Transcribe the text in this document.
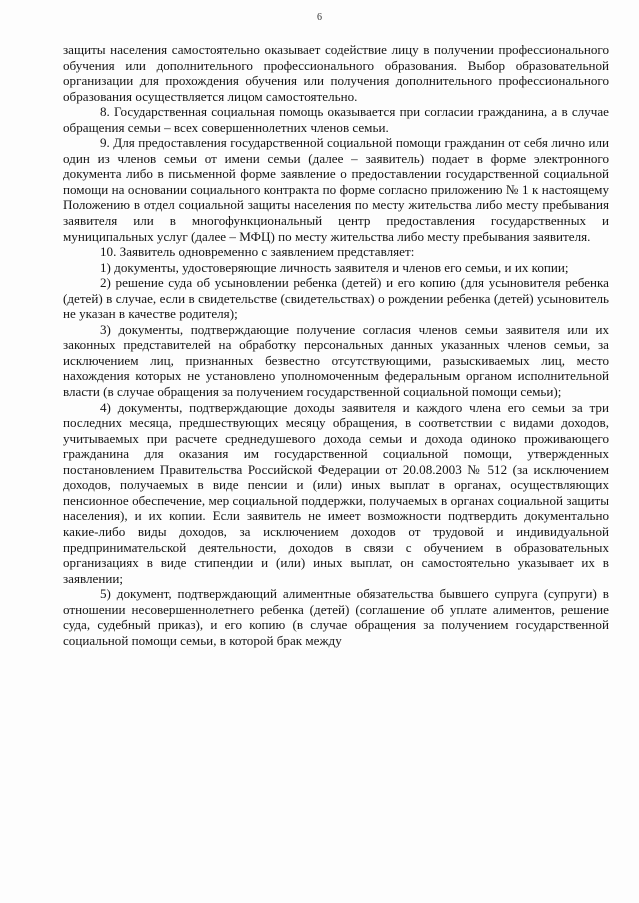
6

защиты населения самостоятельно оказывает содействие лицу в получении профессионального обучения или дополнительного профессионального образования. Выбор образовательной организации для прохождения обучения или получения дополнительного профессионального образования осуществляется лицом самостоятельно.

8. Государственная социальная помощь оказывается при согласии гражданина, а в случае обращения семьи – всех совершеннолетних членов семьи.

9. Для предоставления государственной социальной помощи гражданин от себя лично или один из членов семьи от имени семьи (далее – заявитель) подает в форме электронного документа либо в письменной форме заявление о предоставлении государственной социальной помощи на основании социального контракта по форме согласно приложению № 1 к настоящему Положению в отдел социальной защиты населения по месту жительства либо месту пребывания заявителя или в многофункциональный центр предоставления государственных и муниципальных услуг (далее – МФЦ) по месту жительства либо месту пребывания заявителя.

10. Заявитель одновременно с заявлением представляет:

1) документы, удостоверяющие личность заявителя и членов его семьи, и их копии;

2) решение суда об усыновлении ребенка (детей) и его копию (для усыновителя ребенка (детей) в случае, если в свидетельстве (свидетельствах) о рождении ребенка (детей) усыновитель не указан в качестве родителя);

3) документы, подтверждающие получение согласия членов семьи заявителя или их законных представителей на обработку персональных данных указанных членов семьи, за исключением лиц, признанных безвестно отсутствующими, разыскиваемых лиц, место нахождения которых не установлено уполномоченным федеральным органом исполнительной власти (в случае обращения за получением государственной социальной помощи семьи);

4) документы, подтверждающие доходы заявителя и каждого члена его семьи за три последних месяца, предшествующих месяцу обращения, в соответствии с видами доходов, учитываемых при расчете среднедушевого дохода семьи и дохода одиноко проживающего гражданина для оказания им государственной социальной помощи, утвержденных постановлением Правительства Российской Федерации от 20.08.2003 № 512 (за исключением доходов, получаемых в виде пенсии и (или) иных выплат в органах, осуществляющих пенсионное обеспечение, мер социальной поддержки, получаемых в органах социальной защиты населения), и их копии. Если заявитель не имеет возможности подтвердить документально какие-либо виды доходов, за исключением доходов от трудовой и индивидуальной предпринимательской деятельности, доходов в связи с обучением в образовательных организациях в виде стипендии и (или) иных выплат, он самостоятельно указывает их в заявлении;

5) документ, подтверждающий алиментные обязательства бывшего супруга (супруги) в отношении несовершеннолетнего ребенка (детей) (соглашение об уплате алиментов, решение суда, судебный приказ), и его копию (в случае обращения за получением государственной социальной помощи семьи, в которой брак между
